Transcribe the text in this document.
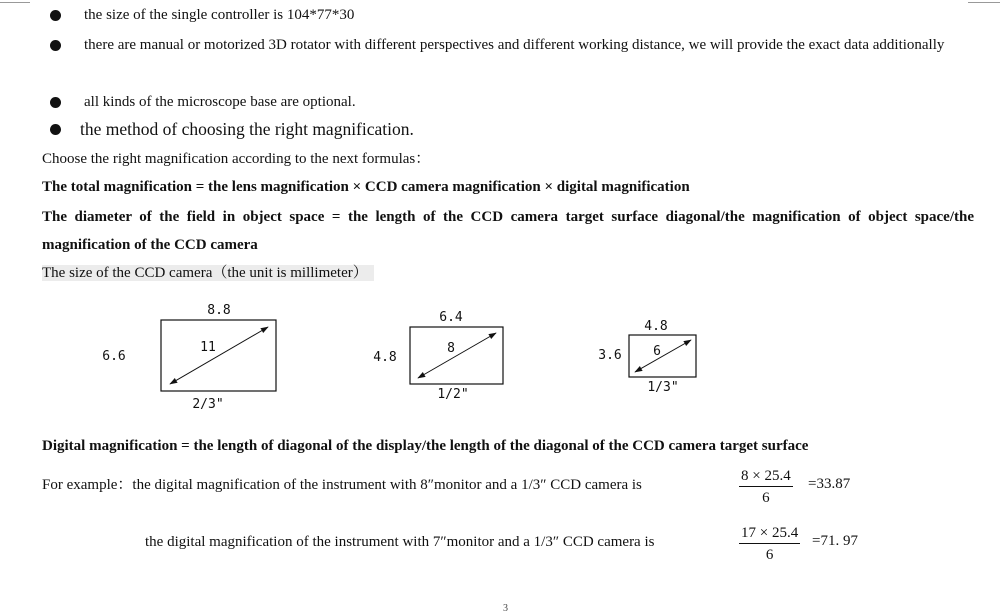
the size of the single controller is 104*77*30
there are manual or motorized 3D rotator with different perspectives and different working distance, we will provide the exact data additionally
all kinds of the microscope base are optional.
the method of choosing the right magnification.
Choose the right magnification according to the next formulas：
The total magnification = the lens magnification × CCD camera magnification × digital magnification
The diameter of the field in object space = the length of the CCD camera target surface diagonal/the magnification of object space/the magnification of the CCD camera
The size of the CCD camera（the unit is millimeter）
8.8
6.6
11
2/3"
6.4
4.8
8
1/2"
4.8
3.6 6
1/3"
Digital magnification = the length of diagonal of the display/the length of the diagonal of the CCD camera target surface
For example：the digital magnification of the instrument with 8″monitor and a 1/3″ CCD camera is	$\frac{8 \times 25.4}{6} =33.87$
the digital magnification of the instrument with 7″monitor and a 1/3″ CCD camera is	$\frac{17 \times 25.4}{6} =71$. 97
3
